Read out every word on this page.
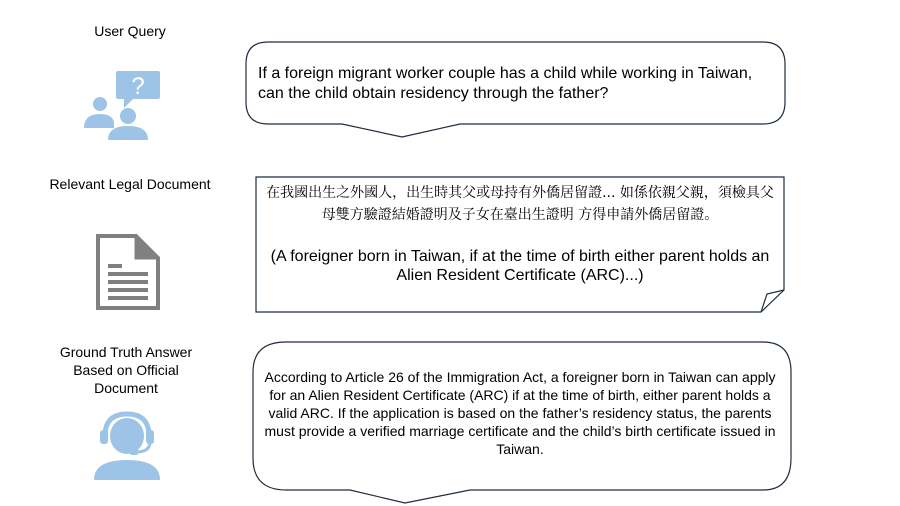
User Query
?	If a foreign migrant worker couple has a child while working in Taiwan, can the child obtain residency through the father?
Relevant Legal Document
在我國出生之外國人，出生時其父或母持有外僑居留證... 如係依親父親，須檢具父母雙方驗證結婚證明及子女在臺出生證明 方得申請外僑居留證。
(A foreigner born in Taiwan, if at the time of birth either parent holds an Alien Resident Certificate (ARC)...)
Ground Truth Answer
Based on Official
Document
According to Article 26 of the Immigration Act, a foreigner born in Taiwan can apply for an Alien Resident Certificate (ARC) if at the time of birth, either parent holds a valid ARC. If the application is based on the father’s residency status, the parents must provide a verified marriage certificate and the child’s birth certificate issued in Taiwan.
